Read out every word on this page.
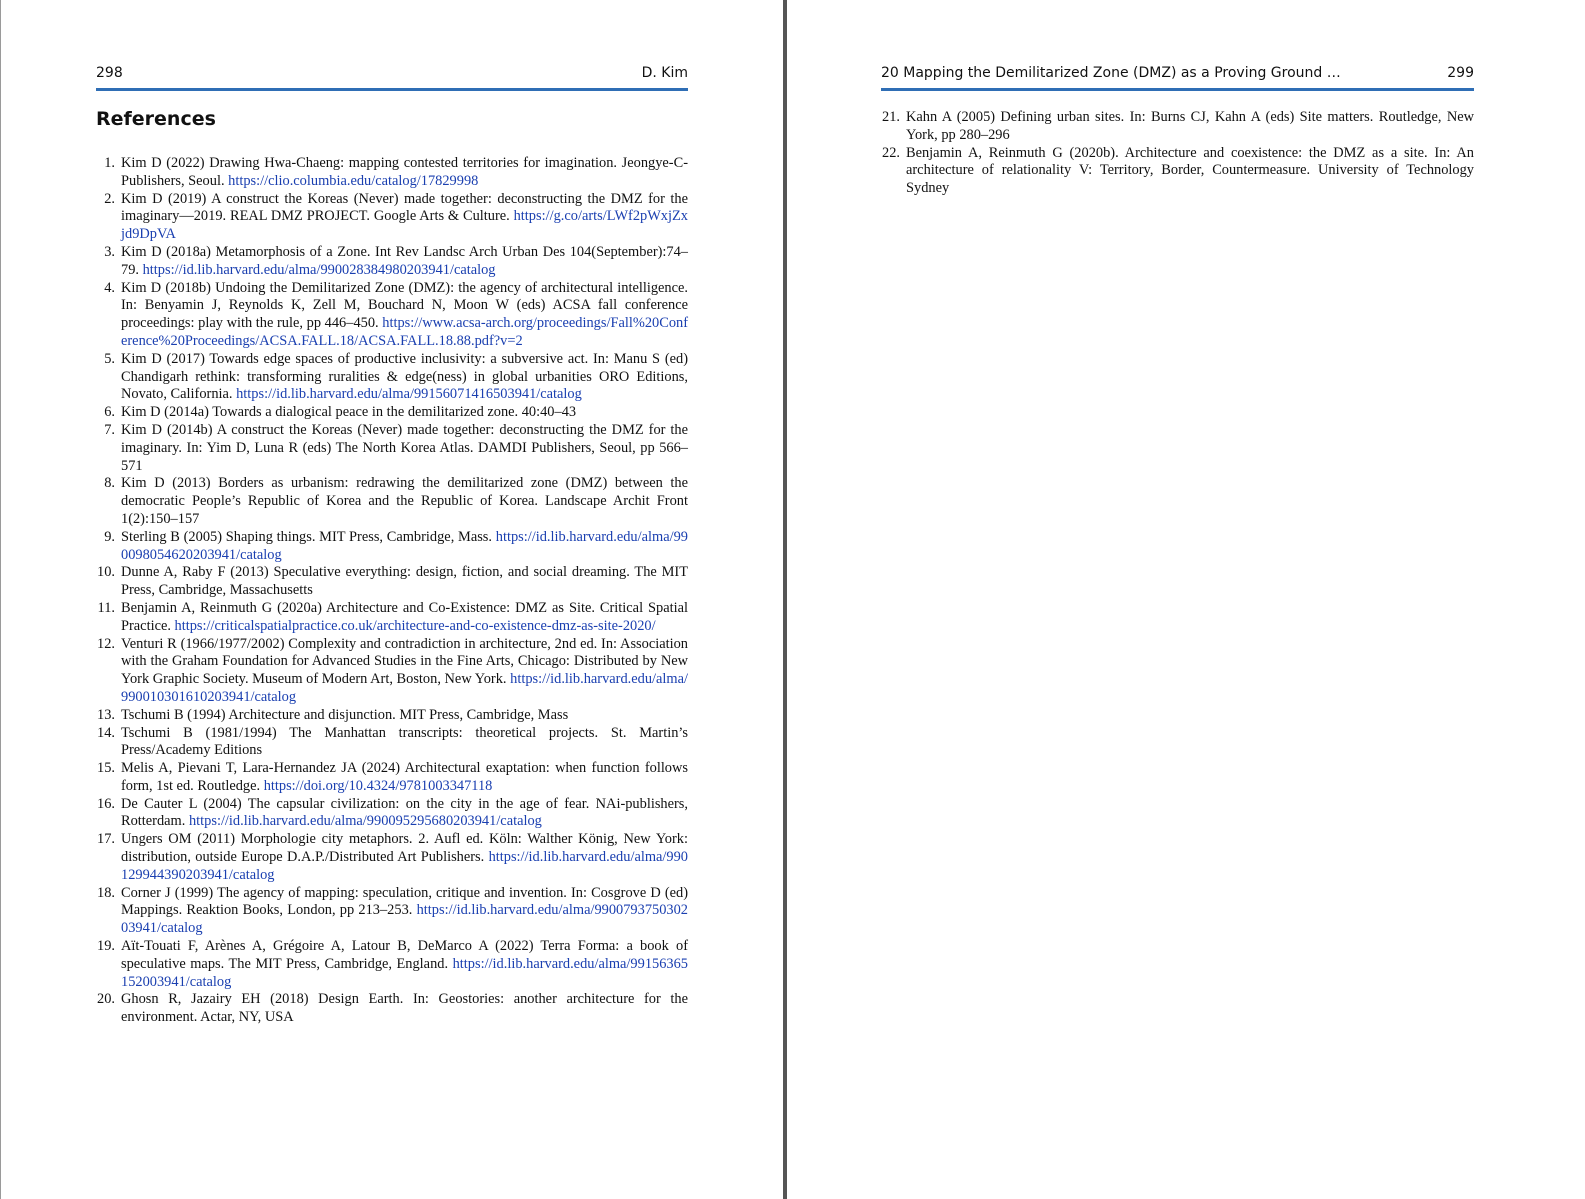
298	D. Kim
References
1. Kim D (2022) Drawing Hwa-Chaeng: mapping contested territories for imagination. Jeongye-C-Publishers, Seoul. https://clio.columbia.edu/catalog/17829998
2. Kim D (2019) A construct the Koreas (Never) made together: deconstructing the DMZ for the imaginary—2019. REAL DMZ PROJECT. Google Arts & Culture. https://g.co/arts/LWf2pWxjZxjd9DpVA
3. Kim D (2018a) Metamorphosis of a Zone. Int Rev Landsc Arch Urban Des 104(September):74–79. https://id.lib.harvard.edu/alma/990028384980203941/catalog
4. Kim D (2018b) Undoing the Demilitarized Zone (DMZ): the agency of architectural intelligence. In: Benyamin J, Reynolds K, Zell M, Bouchard N, Moon W (eds) ACSA fall conference proceedings: play with the rule, pp 446–450. https://www.acsa-arch.org/proceedings/Fall%20Conference%20Proceedings/ACSA.FALL.18/ACSA.FALL.18.88.pdf?v=2
5. Kim D (2017) Towards edge spaces of productive inclusivity: a subversive act. In: Manu S (ed) Chandigarh rethink: transforming ruralities & edge(ness) in global urbanities ORO Editions, Novato, California. https://id.lib.harvard.edu/alma/99156071416503941/catalog
6. Kim D (2014a) Towards a dialogical peace in the demilitarized zone. 40:40–43
7. Kim D (2014b) A construct the Koreas (Never) made together: deconstructing the DMZ for the imaginary. In: Yim D, Luna R (eds) The North Korea Atlas. DAMDI Publishers, Seoul, pp 566–571
8. Kim D (2013) Borders as urbanism: redrawing the demilitarized zone (DMZ) between the democratic People’s Republic of Korea and the Republic of Korea. Landscape Archit Front 1(2):150–157
9. Sterling B (2005) Shaping things. MIT Press, Cambridge, Mass. https://id.lib.harvard.edu/alma/990098054620203941/catalog
10. Dunne A, Raby F (2013) Speculative everything: design, fiction, and social dreaming. The MIT Press, Cambridge, Massachusetts
11. Benjamin A, Reinmuth G (2020a) Architecture and Co-Existence: DMZ as Site. Critical Spatial Practice. https://criticalspatialpractice.co.uk/architecture-and-co-existence-dmz-as-site-2020/
12. Venturi R (1966/1977/2002) Complexity and contradiction in architecture, 2nd ed. In: Association with the Graham Foundation for Advanced Studies in the Fine Arts, Chicago: Distributed by New York Graphic Society. Museum of Modern Art, Boston, New York. https://id.lib.harvard.edu/alma/990010301610203941/catalog
13. Tschumi B (1994) Architecture and disjunction. MIT Press, Cambridge, Mass
14. Tschumi B (1981/1994) The Manhattan transcripts: theoretical projects. St. Martin’s Press/Academy Editions
15. Melis A, Pievani T, Lara-Hernandez JA (2024) Architectural exaptation: when function follows form, 1st ed. Routledge. https://doi.org/10.4324/9781003347118
16. De Cauter L (2004) The capsular civilization: on the city in the age of fear. NAi-publishers, Rotterdam. https://id.lib.harvard.edu/alma/990095295680203941/catalog
17. Ungers OM (2011) Morphologie city metaphors. 2. Aufl ed. Köln: Walther König, New York: distribution, outside Europe D.A.P./Distributed Art Publishers. https://id.lib.harvard.edu/alma/990129944390203941/catalog
18. Corner J (1999) The agency of mapping: speculation, critique and invention. In: Cosgrove D (ed) Mappings. Reaktion Books, London, pp 213–253. https://id.lib.harvard.edu/alma/990079375030203941/catalog
19. Aït-Touati F, Arènes A, Grégoire A, Latour B, DeMarco A (2022) Terra Forma: a book of speculative maps. The MIT Press, Cambridge, England. https://id.lib.harvard.edu/alma/99156365152003941/catalog
20. Ghosn R, Jazairy EH (2018) Design Earth. In: Geostories: another architecture for the environment. Actar, NY, USA
20 Mapping the Demilitarized Zone (DMZ) as a Proving Ground …	299
21. Kahn A (2005) Defining urban sites. In: Burns CJ, Kahn A (eds) Site matters. Routledge, New York, pp 280–296
22. Benjamin A, Reinmuth G (2020b). Architecture and coexistence: the DMZ as a site. In: An architecture of relationality V: Territory, Border, Countermeasure. University of Technology Sydney
